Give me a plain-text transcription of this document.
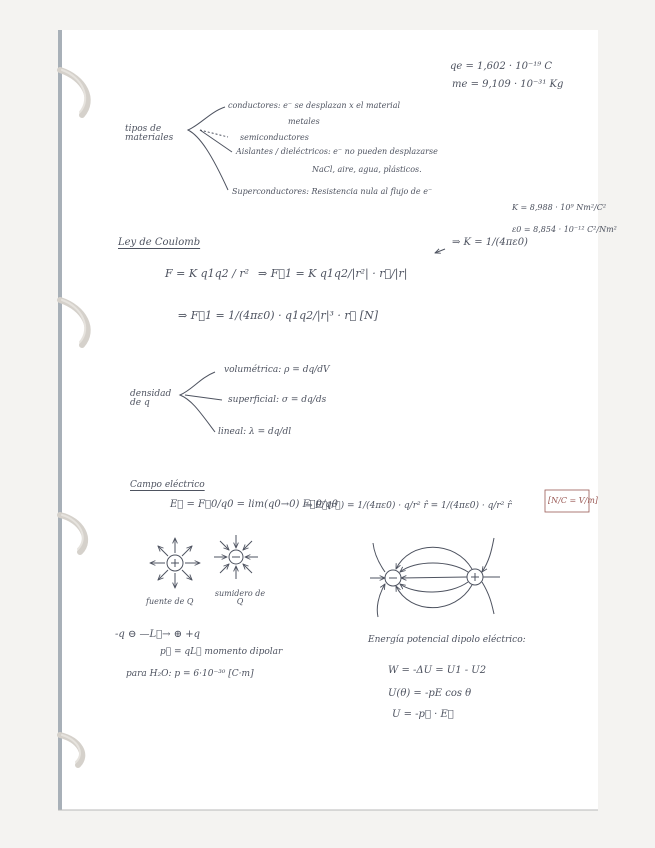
qe = 1,602 · 10⁻¹⁹ C
me = 9,109 · 10⁻³¹ Kg
K = 8,988 · 10⁹ Nm²/C²
ε0 = 8,854 · 10⁻¹² C²/Nm²
tipos de materiales
conductores: e⁻ se desplazan x el material
metales
semiconductores
Aislantes / dieléctricos: e⁻ no pueden desplazarse
NaCl, aire, agua, plásticos.
Superconductores: Resistencia nula al flujo de e⁻
Ley de Coulomb
F = K q1q2 / r² ⇒ F⃗1 = K q1q2/|r²| · r⃗/|r|
⇒ K = 1/(4πε0)
⇒ F⃗1 = 1/(4πε0) · q1q2/|r|³ · r⃗ [N]
densidad de q
volumétrica: ρ = dq/dV
superficial: σ = dq/ds
lineal: λ = dq/dl
Campo eléctrico
E⃗ = F⃗0/q0 = lim(q0→0) F⃗0/q0
⇒ E⃗(r⃗) = 1/(4πε0) · q/r² r̂ = 1/(4πε0) · q/r² r̂
[N/C = V/m]
fuente de Q
sumidero de Q
-q ⊖ —L⃗→ ⊕ +q
p⃗ = qL⃗ momento dipolar
para H₂O: p = 6·10⁻³⁰ [C·m]
Energía potencial dipolo eléctrico:
W = -ΔU = U1 - U2
U(θ) = -pE cos θ
U = -p⃗ · E⃗
